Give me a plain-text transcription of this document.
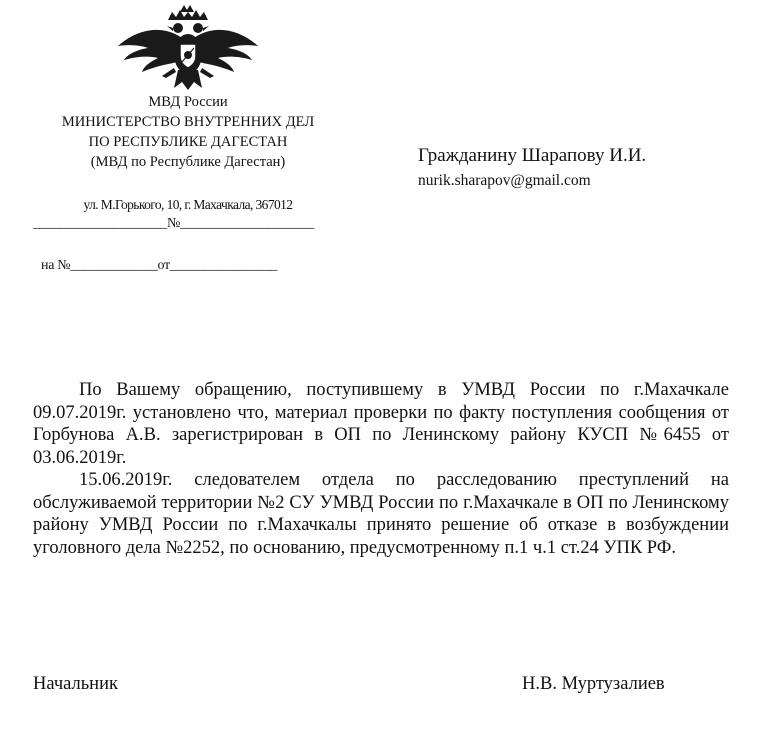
МВД России
МИНИСТЕРСТВО ВНУТРЕННИХ ДЕЛ
ПО РЕСПУБЛИКЕ ДАГЕСТАН
(МВД по Республике Дагестан)
ул. М.Горького, 10, г. Махачкала, 367012
____________________№____________________
на №_____________от________________
Гражданину Шарапову И.И.
nurik.sharapov@gmail.com

По Вашему обращению, поступившему в УМВД России по г.Махачкале 09.07.2019г. установлено что, материал проверки по факту поступления сообщения от Горбунова А.В. зарегистрирован в ОП по Ленинскому району КУСП №6455 от 03.06.2019г.

15.06.2019г. следователем отдела по расследованию преступлений на обслуживаемой территории №2 СУ УМВД России по г.Махачкале в ОП по Ленинскому району УМВД России по г.Махачкалы принято решение об отказе в возбуждении уголовного дела №2252, по основанию, предусмотренному п.1 ч.1 ст.24 УПК РФ.

Начальник	Н.В. Муртузалиев
